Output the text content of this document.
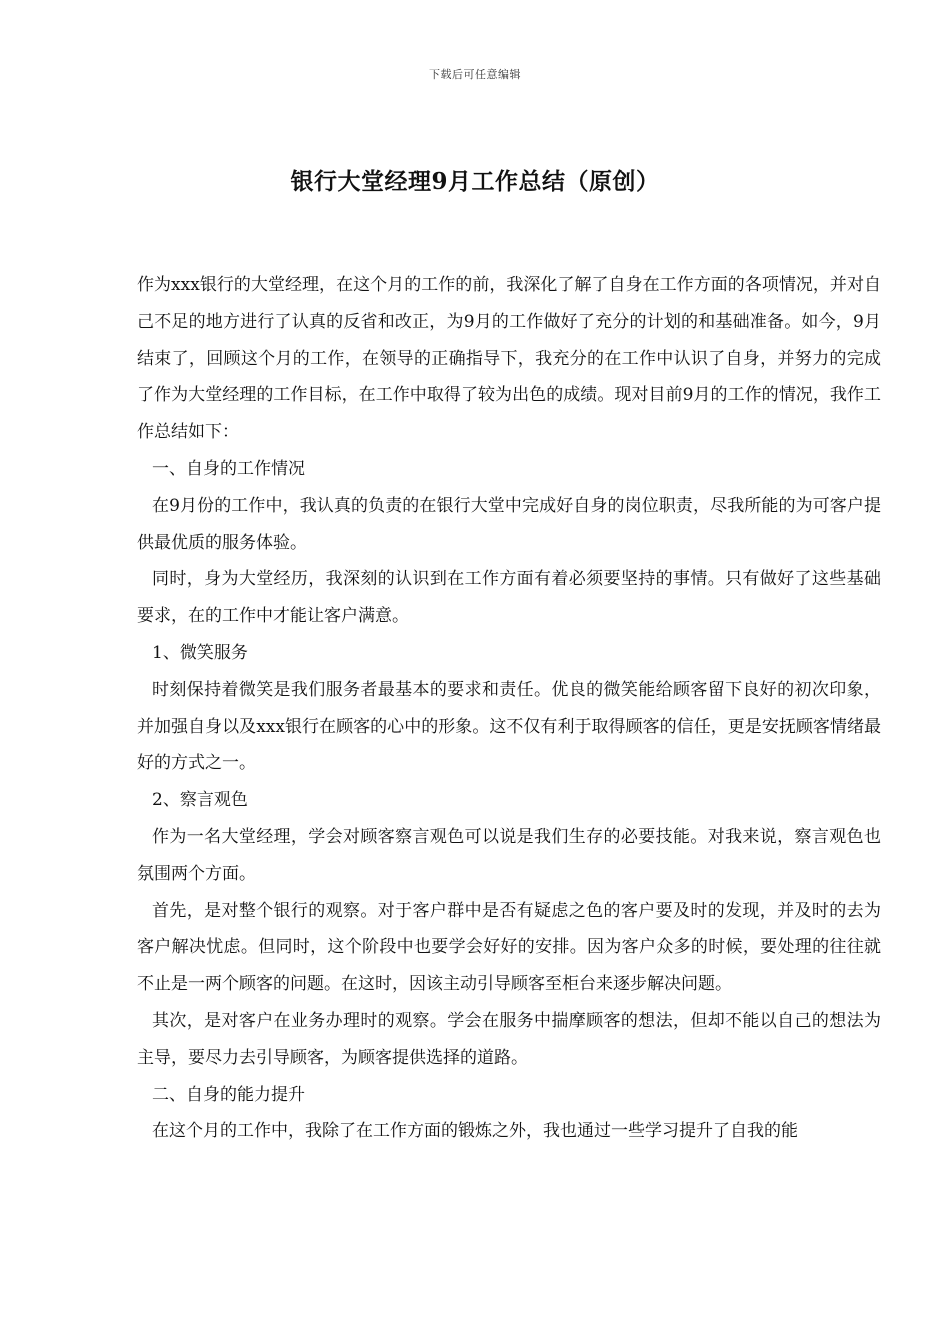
下载后可任意编辑
银行大堂经理9月工作总结（原创）

作为xxx银行的大堂经理，在这个月的工作的前，我深化了解了自身在工作方面的各项情况，并对自己不足的地方进行了认真的反省和改正，为9月的工作做好了充分的计划的和基础准备。如今，9月结束了，回顾这个月的工作，在领导的正确指导下，我充分的在工作中认识了自身，并努力的完成了作为大堂经理的工作目标，在工作中取得了较为出色的成绩。现对目前9月的工作的情况，我作工作总结如下：

一、自身的工作情况

在9月份的工作中，我认真的负责的在银行大堂中完成好自身的岗位职责，尽我所能的为可客户提供最优质的服务体验。

同时，身为大堂经历，我深刻的认识到在工作方面有着必须要坚持的事情。只有做好了这些基础要求，在的工作中才能让客户满意。

1、微笑服务

时刻保持着微笑是我们服务者最基本的要求和责任。优良的微笑能给顾客留下良好的初次印象，并加强自身以及xxx银行在顾客的心中的形象。这不仅有利于取得顾客的信任，更是安抚顾客情绪最好的方式之一。

2、察言观色

作为一名大堂经理，学会对顾客察言观色可以说是我们生存的必要技能。对我来说，察言观色也氛围两个方面。

首先，是对整个银行的观察。对于客户群中是否有疑虑之色的客户要及时的发现，并及时的去为客户解决忧虑。但同时，这个阶段中也要学会好好的安排。因为客户众多的时候，要处理的往往就不止是一两个顾客的问题。在这时，因该主动引导顾客至柜台来逐步解决问题。

其次，是对客户在业务办理时的观察。学会在服务中揣摩顾客的想法，但却不能以自己的想法为主导，要尽力去引导顾客，为顾客提供选择的道路。

二、自身的能力提升

在这个月的工作中，我除了在工作方面的锻炼之外，我也通过一些学习提升了自我的能
